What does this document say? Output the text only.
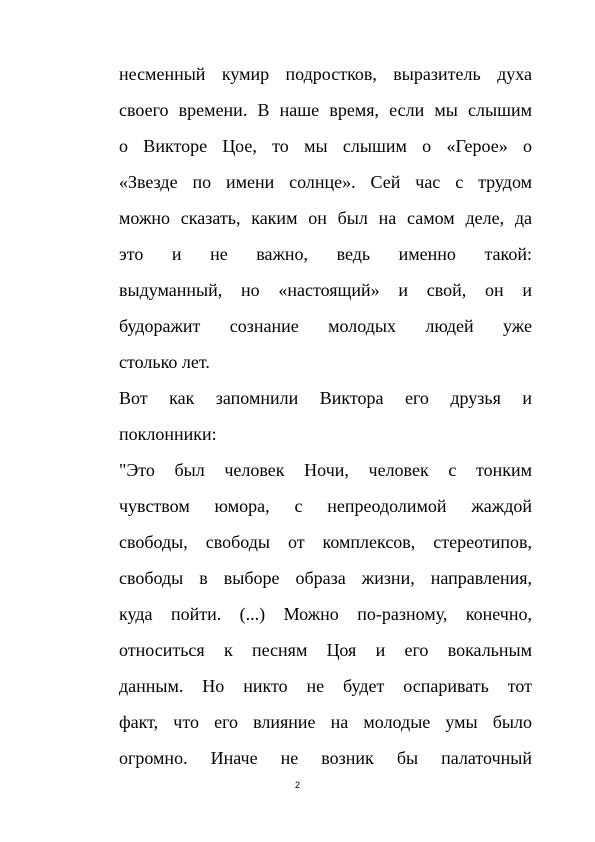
несменный кумир подростков, выразитель духа
своего времени. В наше время, если мы слышим
о Викторе Цое, то мы слышим о «Герое» о
«Звезде по имени солнце». Сей час с трудом
можно сказать, каким он был на самом деле, да
это и не важно, ведь именно такой:
выдуманный, но «настоящий» и свой, он и
будоражит сознание молодых людей уже
столько лет.
Вот как запомнили Виктора его друзья и
поклонники:
"Это был человек Ночи, человек с тонким
чувством юмора, с непреодолимой жаждой
свободы, свободы от комплексов, стереотипов,
свободы в выборе образа жизни, направления,
куда пойти. (...) Можно по-разному, конечно,
относиться к песням Цоя и его вокальным
данным. Но никто не будет оспаривать тот
факт, что его влияние на молодые умы было
огромно. Иначе не возник бы палаточный
2
